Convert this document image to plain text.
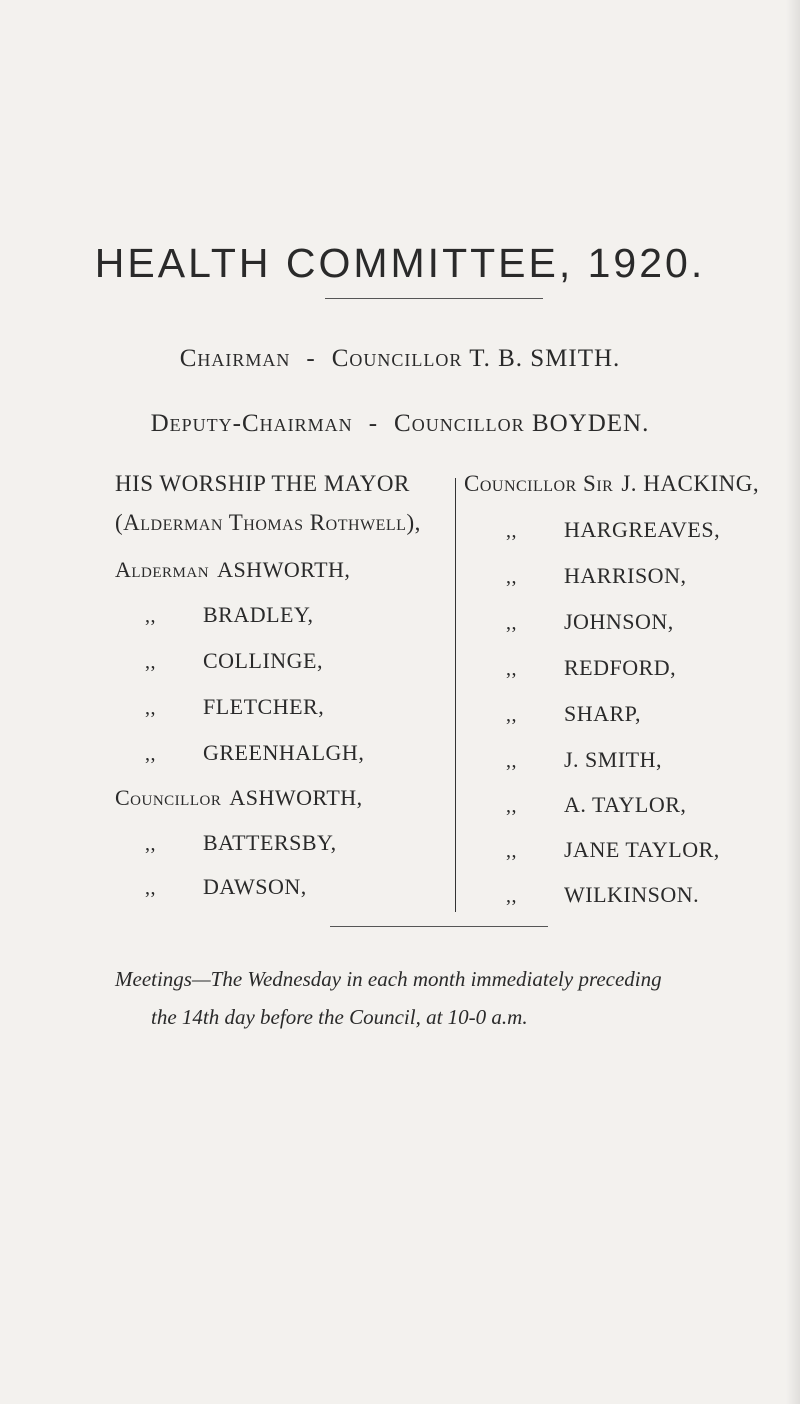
HEALTH COMMITTEE, 1920.
Chairman - Councillor T. B. SMITH.
Deputy-Chairman - Councillor BOYDEN.
HIS WORSHIP THE MAYOR
(Alderman Thomas Rothwell),
Alderman ASHWORTH,
,, BRADLEY,
,, COLLINGE,
,, FLETCHER,
,, GREENHALGH,
Councillor ASHWORTH,
,, BATTERSBY,
,, DAWSON,
Councillor Sir J. HACKING,
,, HARGREAVES,
,, HARRISON,
,, JOHNSON,
,, REDFORD,
,, SHARP,
,, J. SMITH,
,, A. TAYLOR,
,, JANE TAYLOR,
,, WILKINSON.

Meetings—The Wednesday in each month immediately preceding

the 14th day before the Council, at 10-0 a.m.
